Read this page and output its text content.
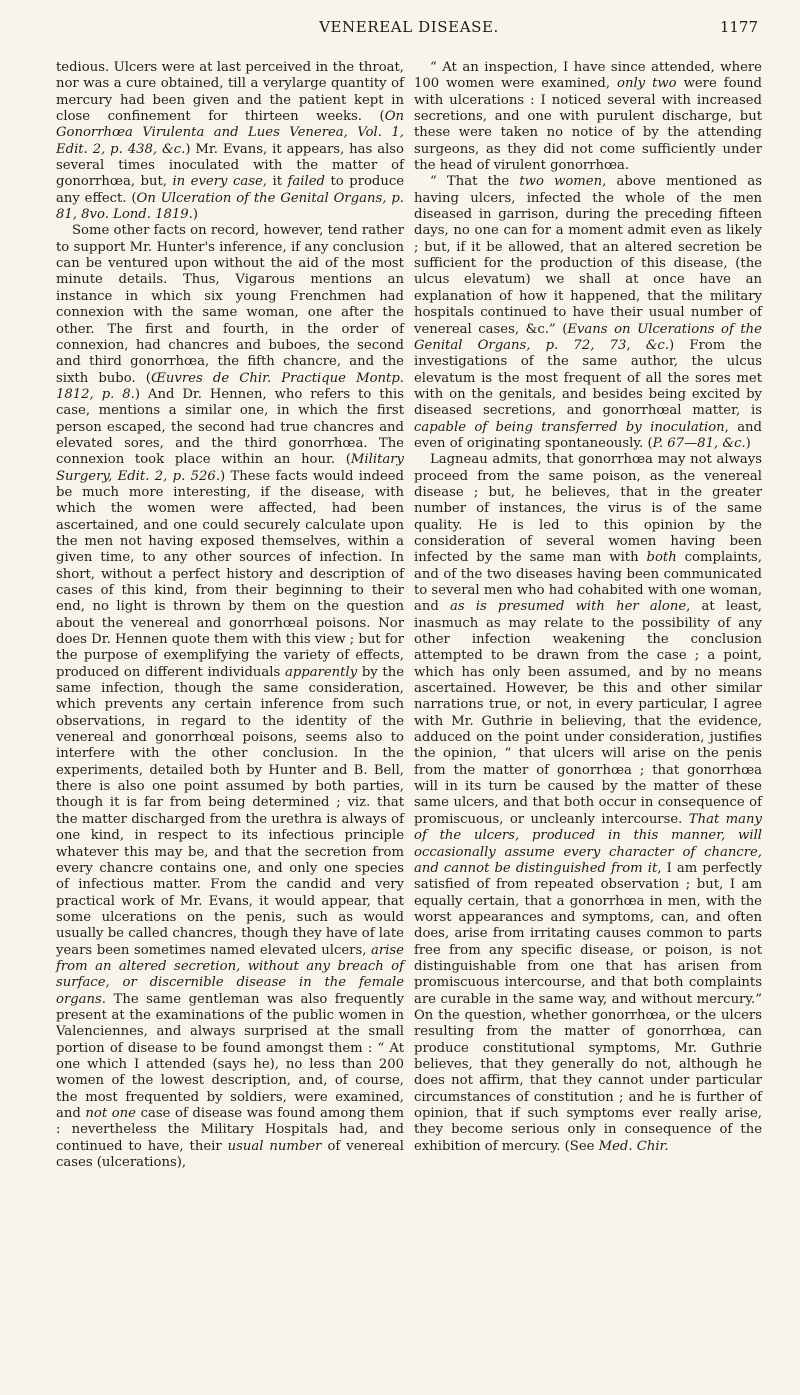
VENEREAL DISEASE.	1177

tedious. Ulcers were at last perceived in the throat, nor was a cure obtained, till a verylarge quantity of mercury had been given and the patient kept in close confinement for thirteen weeks. (On Gonorrhœa Virulenta and Lues Venerea, Vol. 1, Edit. 2, p. 438, &c.) Mr. Evans, it appears, has also several times inoculated with the matter of gonorrhœa, but, in every case, it failed to produce any effect. (On Ulceration of the Genital Organs, p. 81, 8vo. Lond. 1819.)

Some other facts on record, however, tend rather to support Mr. Hunter's inference, if any conclusion can be ventured upon without the aid of the most minute details. Thus, Vigarous mentions an instance in which six young Frenchmen had connexion with the same woman, one after the other. The first and fourth, in the order of connexion, had chancres and buboes, the second and third gonorrhœa, the fifth chancre, and the sixth bubo. (Œuvres de Chir. Practique Montp. 1812, p. 8.) And Dr. Hennen, who refers to this case, mentions a similar one, in which the first person escaped, the second had true chancres and elevated sores, and the third gonorrhœa. The connexion took place within an hour. (Military Surgery, Edit. 2, p. 526.) These facts would indeed be much more interesting, if the disease, with which the women were affected, had been ascertained, and one could securely calculate upon the men not having exposed themselves, within a given time, to any other sources of infection. In short, without a perfect history and description of cases of this kind, from their beginning to their end, no light is thrown by them on the question about the venereal and gonorrhœal poisons. Nor does Dr. Hennen quote them with this view ; but for the purpose of exemplifying the variety of effects, produced on different individuals apparently by the same infection, though the same consideration, which prevents any certain inference from such observations, in regard to the identity of the venereal and gonorrhœal poisons, seems also to interfere with the other conclusion. In the experiments, detailed both by Hunter and B. Bell, there is also one point assumed by both parties, though it is far from being determined ; viz. that the matter discharged from the urethra is always of one kind, in respect to its infectious principle whatever this may be, and that the secretion from every chancre contains one, and only one species of infectious matter. From the candid and very practical work of Mr. Evans, it would appear, that some ulcerations on the penis, such as would usually be called chancres, though they have of late years been sometimes named elevated ulcers, arise from an altered secretion, without any breach of surface, or discernible disease in the female organs. The same gentleman was also frequently present at the examinations of the public women in Valenciennes, and always surprised at the small portion of disease to be found amongst them : “ At one which I attended (says he), no less than 200 women of the lowest description, and, of course, the most frequented by soldiers, were examined, and not one case of disease was found among them : nevertheless the Military Hospitals had, and continued to have, their usual number of venereal cases (ulcerations),

“ At an inspection, I have since attended, where 100 women were examined, only two were found with ulcerations : I noticed several with increased secretions, and one with purulent discharge, but these were taken no notice of by the attending surgeons, as they did not come sufficiently under the head of virulent gonorrhœa.

“ That the two women, above mentioned as having ulcers, infected the whole of the men diseased in garrison, during the preceding fifteen days, no one can for a moment admit even as likely ; but, if it be allowed, that an altered secretion be sufficient for the production of this disease, (the ulcus elevatum) we shall at once have an explanation of how it happened, that the military hospitals continued to have their usual number of venereal cases, &c.” (Evans on Ulcerations of the Genital Organs, p. 72, 73, &c.) From the investigations of the same author, the ulcus elevatum is the most frequent of all the sores met with on the genitals, and besides being excited by diseased secretions, and gonorrhœal matter, is capable of being transferred by inoculation, and even of originating spontaneously. (P. 67—81, &c.)

Lagneau admits, that gonorrhœa may not always proceed from the same poison, as the venereal disease ; but, he believes, that in the greater number of instances, the virus is of the same quality. He is led to this opinion by the consideration of several women having been infected by the same man with both complaints, and of the two diseases having been communicated to several men who had cohabited with one woman, and as is presumed with her alone, at least, inasmuch as may relate to the possibility of any other infection weakening the conclusion attempted to be drawn from the case ; a point, which has only been assumed, and by no means ascertained. However, be this and other similar narrations true, or not, in every particular, I agree with Mr. Guthrie in believing, that the evidence, adduced on the point under consideration, justifies the opinion, “ that ulcers will arise on the penis from the matter of gonorrhœa ; that gonorrhœa will in its turn be caused by the matter of these same ulcers, and that both occur in consequence of promiscuous, or uncleanly intercourse. That many of the ulcers, produced in this manner, will occasionally assume every character of chancre, and cannot be distinguished from it, I am perfectly satisfied of from repeated observation ; but, I am equally certain, that a gonorrhœa in men, with the worst appearances and symptoms, can, and often does, arise from irritating causes common to parts free from any specific disease, or poison, is not distinguishable from one that has arisen from promiscuous intercourse, and that both complaints are curable in the same way, and without mercury.” On the question, whether gonorrhœa, or the ulcers resulting from the matter of gonorrhœa, can produce constitutional symptoms, Mr. Guthrie believes, that they generally do not, although he does not affirm, that they cannot under particular circumstances of constitution ; and he is further of opinion, that if such symptoms ever really arise, they become serious only in consequence of the exhibition of mercury. (See Med. Chir.
